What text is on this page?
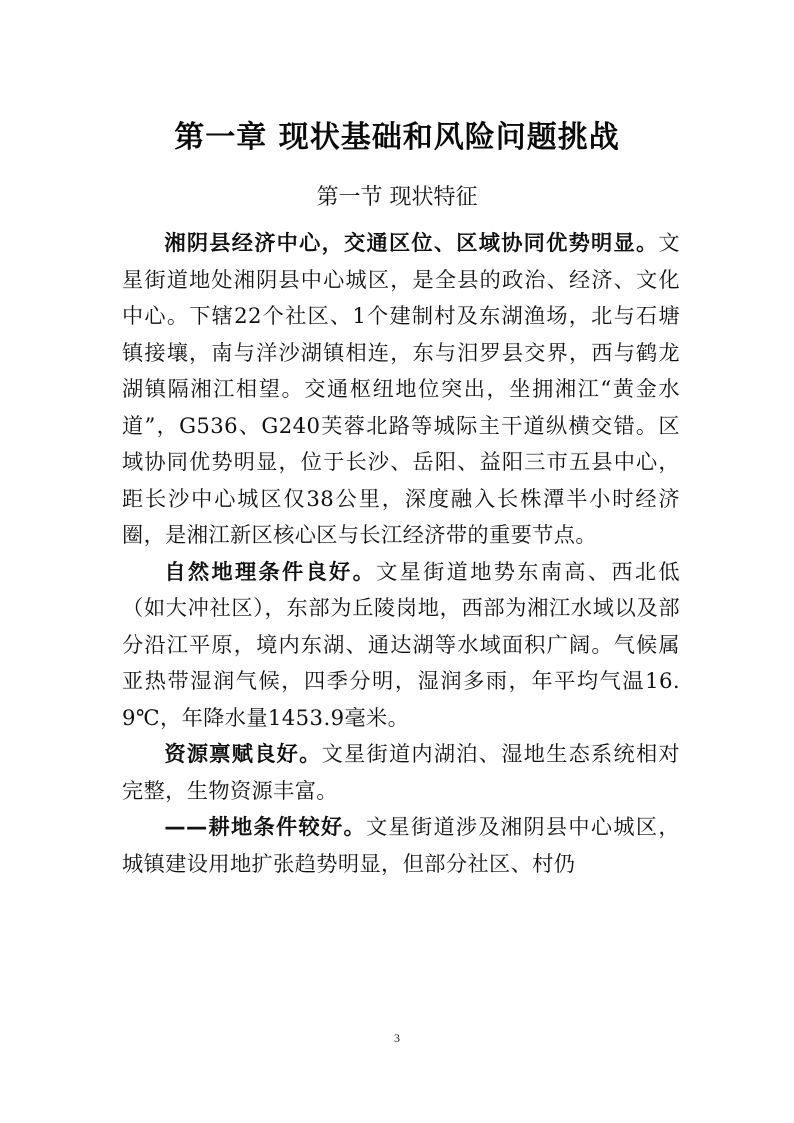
第一章 现状基础和风险问题挑战
第一节 现状特征

湘阴县经济中心，交通区位、区域协同优势明显。文星街道地处湘阴县中心城区，是全县的政治、经济、文化中心。下辖22个社区、1个建制村及东湖渔场，北与石塘镇接壤，南与洋沙湖镇相连，东与汨罗县交界，西与鹤龙湖镇隔湘江相望。交通枢纽地位突出，坐拥湘江“黄金水道”，G536、G240芙蓉北路等城际主干道纵横交错。区域协同优势明显，位于长沙、岳阳、益阳三市五县中心，距长沙中心城区仅38公里，深度融入长株潭半小时经济圈，是湘江新区核心区与长江经济带的重要节点。

自然地理条件良好。文星街道地势东南高、西北低（如大冲社区），东部为丘陵岗地，西部为湘江水域以及部分沿江平原，境内东湖、通达湖等水域面积广阔。气候属亚热带湿润气候，四季分明，湿润多雨，年平均气温16.9℃，年降水量1453.9毫米。

资源禀赋良好。文星街道内湖泊、湿地生态系统相对完整，生物资源丰富。

——耕地条件较好。文星街道涉及湘阴县中心城区，城镇建设用地扩张趋势明显，但部分社区、村仍

3
